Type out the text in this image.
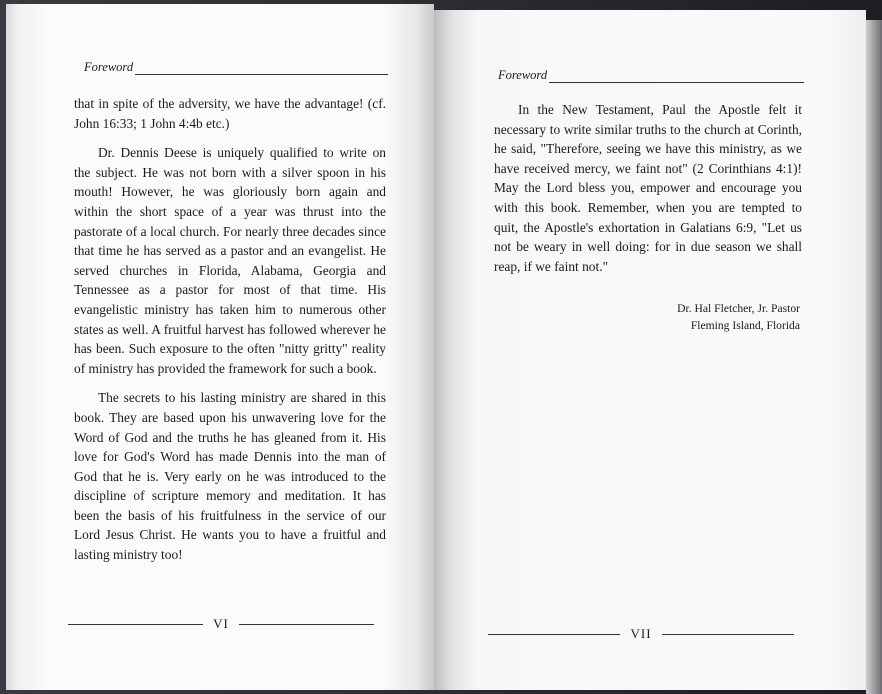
Foreword

that in spite of the adversity, we have the advantage! (cf. John 16:33; 1 John 4:4b etc.)

Dr. Dennis Deese is uniquely qualified to write on the subject. He was not born with a silver spoon in his mouth! However, he was gloriously born again and within the short space of a year was thrust into the pastorate of a local church. For nearly three decades since that time he has served as a pastor and an evangelist. He served churches in Florida, Alabama, Georgia and Tennessee as a pastor for most of that time. His evangelistic ministry has taken him to numerous other states as well. A fruitful harvest has followed wherever he has been. Such exposure to the often "nitty gritty" reality of ministry has provided the framework for such a book.

The secrets to his lasting ministry are shared in this book. They are based upon his unwavering love for the Word of God and the truths he has gleaned from it. His love for God's Word has made Dennis into the man of God that he is. Very early on he was introduced to the discipline of scripture memory and meditation. It has been the basis of his fruitfulness in the service of our Lord Jesus Christ. He wants you to have a fruitful and lasting ministry too!

VI
Foreword

In the New Testament, Paul the Apostle felt it necessary to write similar truths to the church at Corinth, he said, "Therefore, seeing we have this ministry, as we have received mercy, we faint not" (2 Corinthians 4:1)! May the Lord bless you, empower and encourage you with this book. Remember, when you are tempted to quit, the Apostle's exhortation in Galatians 6:9, "Let us not be weary in well doing: for in due season we shall reap, if we faint not."

Dr. Hal Fletcher, Jr. Pastor
Fleming Island, Florida
VII
